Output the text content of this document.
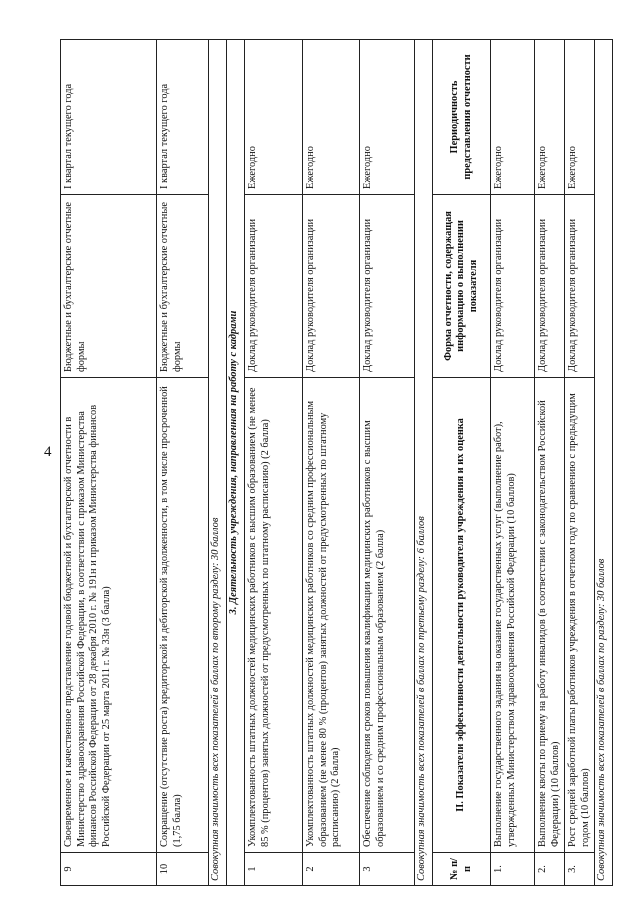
4
9	Своевременное и качественное представление годовой бюджетной и бухгалтерской отчетности в Министерство здравоохранения Российской Федерации, в соответствии с приказом Министерства финансов Российской Федерации от 28 декабря 2010 г. № 191н и приказом Министерства финансов Российской Федерации от 25 марта 2011 г. № 33н (3 балла)	Бюджетные и бухгалтерские отчетные формы	I квартал текущего года
10	Сокращение (отсутствие роста) кредиторской и дебиторской задолженности, в том числе просроченной (1,75 балла)	Бюджетные и бухгалтерские отчетные формы	I квартал текущего года
Совокупная значимость всех показателей в баллах по второму разделу: 30 баллов			
3. Деятельность учреждения, направленная на работу с кадрами			
1	Укомплектованность штатных должностей медицинских работников с высшим образованием (не менее 85 % (процентов) занятых должностей от предусмотренных по штатному расписанию) (2 балла)	Доклад руководителя организации	Ежегодно
2	Укомплектованность штатных должностей медицинских работников со средним профессиональным образованием (не менее 80 % (процентов) занятых должностей от предусмотренных по штатному расписанию) (2 балла)	Доклад руководителя организации	Ежегодно
3	Обеспечение соблюдения сроков повышения квалификации медицинских работников с высшим образованием и со средним профессиональным образованием (2 балла)	Доклад руководителя организации	Ежегодно
Совокупная значимость всех показателей в баллах по третьему разделу: 6 баллов			
№ п/п	II. Показатели эффективности деятельности руководителя учреждения и их оценка	Форма отчетности, содержащая информацию о выполнении показателя	Периодичность представления отчетности
1.	Выполнение государственного задания на оказание государственных услуг (выполнение работ), утвержденных Министерством здравоохранения Российской Федерации (10 баллов)	Доклад руководителя организации	Ежегодно
2.	Выполнение квоты по приему на работу инвалидов (в соответствии с законодательством Российской Федерации) (10 баллов)	Доклад руководителя организации	Ежегодно
3.	Рост средней заработной платы работников учреждения в отчетном году по сравнению с предыдущим годом (10 баллов)	Доклад руководителя организации	Ежегодно
Совокупная значимость всех показателей в баллах по разделу: 30 баллов			
